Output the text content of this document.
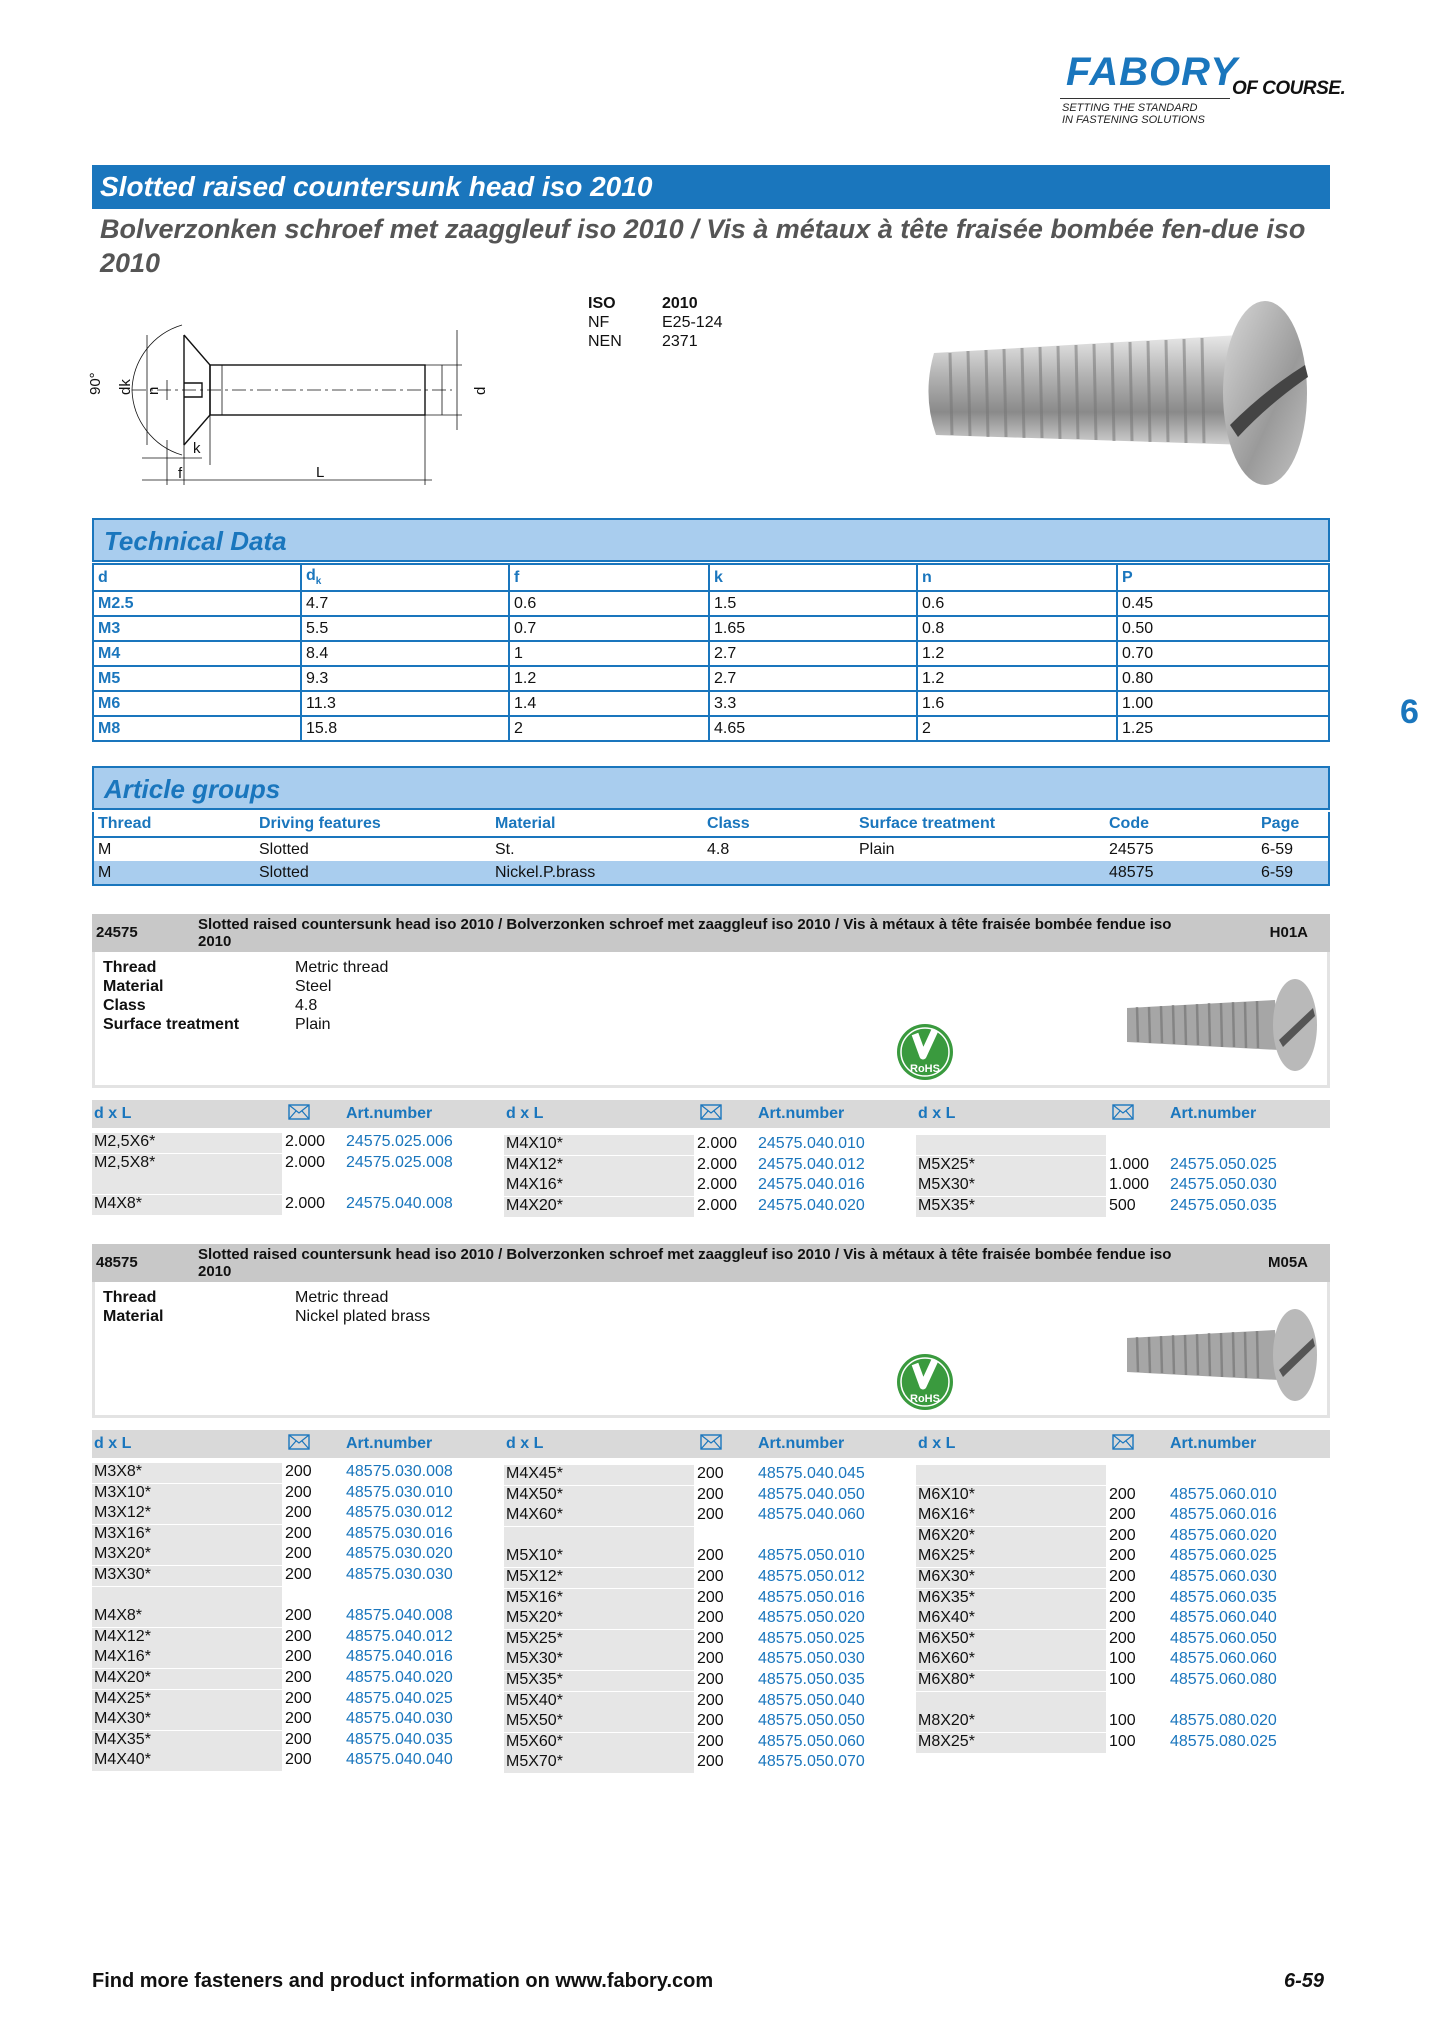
FABORY
OF COURSE.
SETTING THE STANDARD
IN FASTENING SOLUTIONS
Slotted raised countersunk head iso 2010
Bolverzonken schroef met zaaggleuf iso 2010 / Vis à métaux à tête fraisée bombée fen-due iso 2010
90° dk n
k
f	L
d
ISO	2010
NF	E25-124
NEN	2371
Technical Data
d	$d_k$	f	k	n	P
M2.5	4.7	0.6	1.5	0.6	0.45
M3	5.5	0.7	1.65	0.8	0.50
M4	8.4	1	2.7	1.2	0.70
M5	9.3	1.2	2.7	1.2	0.80
M6	11.3	1.4	3.3	1.6	1.00
M8	15.8	2	4.65	2	1.25	6
Article groups
Thread	Driving features	Material	Class	Surface treatment	Code	Page
M	Slotted	St.	4.8	Plain	24575	6-59
M	Slotted	Nickel.P.brass			48575	6-59
24575	Slotted raised countersunk head iso 2010 / Bolverzonken schroef met zaaggleuf iso 2010 / Vis à métaux à tête fraisée bombée fendue iso 2010
H01A
Thread	Metric thread
Material	Steel
Class	4.8
Surface treatment	Plain
RoHS
d x L	Art.number	d x L	Art.number	d x L	Art.number
M2,5X6*	2.000 24575.025.006
M2,5X8*	2.000 24575.025.008
M4X8*	2.000 24575.040.008
M4X10*	2.000 24575.040.010
M4X12*	2.000 24575.040.012
M4X16*	2.000 24575.040.016
M4X20*	2.000 24575.040.020
M5X25*	1.000 24575.050.025
M5X30*	1.000 24575.050.030
M5X35*	500 24575.050.035
48575	Slotted raised countersunk head iso 2010 / Bolverzonken schroef met zaaggleuf iso 2010 / Vis à métaux à tête fraisée bombée fendue iso 2010
M05A
Thread	Metric thread
Material	Nickel plated brass
RoHS
d x L	Art.number	d x L	Art.number	d x L	Art.number
M3X8*	200 48575.030.008
M3X10*	200 48575.030.010
M3X12*	200 48575.030.012
M3X16*	200 48575.030.016
M3X20*	200 48575.030.020
M3X30*	200 48575.030.030
M4X8*	200 48575.040.008
M4X12*	200 48575.040.012
M4X16*	200 48575.040.016
M4X20*	200 48575.040.020
M4X25*	200 48575.040.025
M4X30*	200 48575.040.030
M4X35*	200 48575.040.035
M4X40*	200 48575.040.040
M4X45*	200 48575.040.045
M4X50*	200 48575.040.050
M4X60*	200 48575.040.060
M5X10*	200 48575.050.010
M5X12*	200 48575.050.012
M5X16*	200 48575.050.016
M5X20*	200 48575.050.020
M5X25*	200 48575.050.025
M5X30*	200 48575.050.030
M5X35*	200 48575.050.035
M5X40*	200 48575.050.040
M5X50*	200 48575.050.050
M5X60*	200 48575.050.060
M5X70*	200 48575.050.070
M6X10*	200 48575.060.010
M6X16*	200 48575.060.016
M6X20*	200 48575.060.020
M6X25*	200 48575.060.025
M6X30*	200 48575.060.030
M6X35*	200 48575.060.035
M6X40*	200 48575.060.040
M6X50*	200 48575.060.050
M6X60*	100 48575.060.060
M6X80*	100 48575.060.080
M8X20*	100 48575.080.020
M8X25*	100 48575.080.025
Find more fasteners and product information on www.fabory.com	6-59
